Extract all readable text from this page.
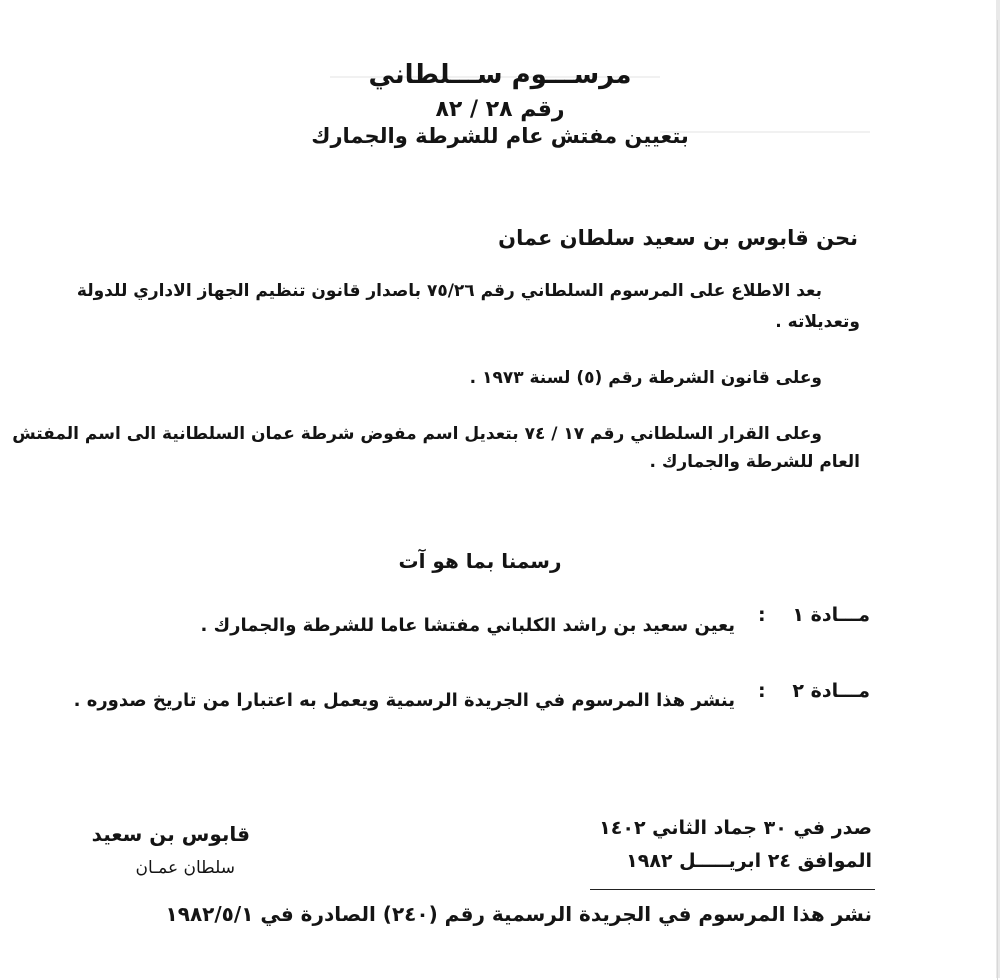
مرســـوم ســـلطاني
رقم ٢٨ / ٨٢
بتعيين مفتش عام للشرطة والجمارك
نحن قابوس بن سعيد سلطان عمان
بعد الاطلاع على المرسوم السلطاني رقم ٧٥/٢٦ باصدار قانون تنظيم الجهاز الاداري للدولة
وتعديلاته .
وعلى قانون الشرطة رقم (٥) لسنة ١٩٧٣ .
وعلى القرار السلطاني رقم ١٧ / ٧٤ بتعديل اسم مفوض شرطة عمان السلطانية الى اسم المفتش
العام للشرطة والجمارك .
رسمنا بما هو آت
مـــادة ١
:
يعين سعيد بن راشد الكلباني مفتشا عاما للشرطة والجمارك .
مـــادة ٢
:
ينشر هذا المرسوم في الجريدة الرسمية ويعمل به اعتبارا من تاريخ صدوره .
صدر في ٣٠ جماد الثاني ١٤٠٢
الموافق ٢٤ ابريـــــل ١٩٨٢
قابوس بن سعيد
سلطان عمـان
نشر هذا المرسوم في الجريدة الرسمية رقم (٢٤٠) الصادرة في ١٩٨٢/٥/١
